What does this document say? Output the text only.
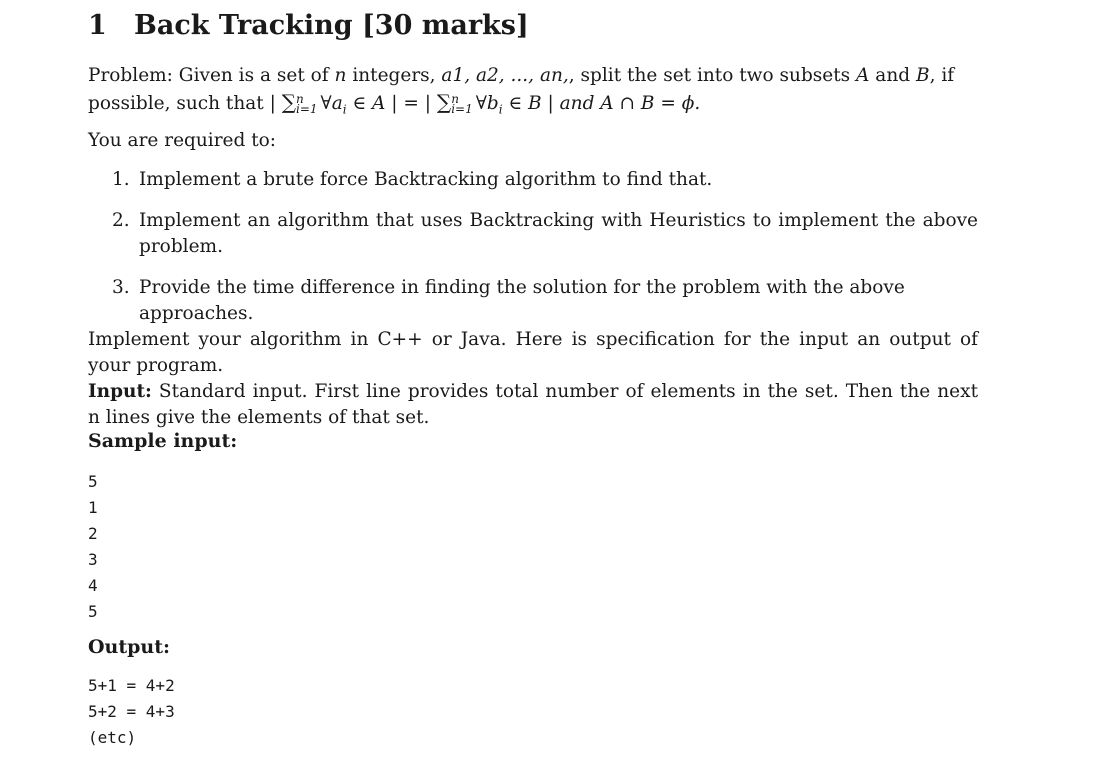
1 Back Tracking [30 marks]
Problem: Given is a set of n integers, a1, a2, ..., an,, split the set into two subsets A and B, if
possible, such that | ∑ n
i=1 $\forall a_i$ ∈ A | = | ∑ n
i=1 $\forall b_i$ ∈ B | and A ∩ B = ϕ.
You are required to:
1. Implement a brute force Backtracking algorithm to find that.
2. Implement an algorithm that uses Backtracking with Heuristics to implement the above problem.
3. Provide the time difference in finding the solution for the problem with the above approaches.
Implement your algorithm in C++ or Java. Here is specification for the input an output of your program.
Input: Standard input. First line provides total number of elements in the set. Then the next n lines give the elements of that set.
Sample input:
5
1
2
3
4
5
Output:
5+1 = 4+2
5+2 = 4+3
(etc)
